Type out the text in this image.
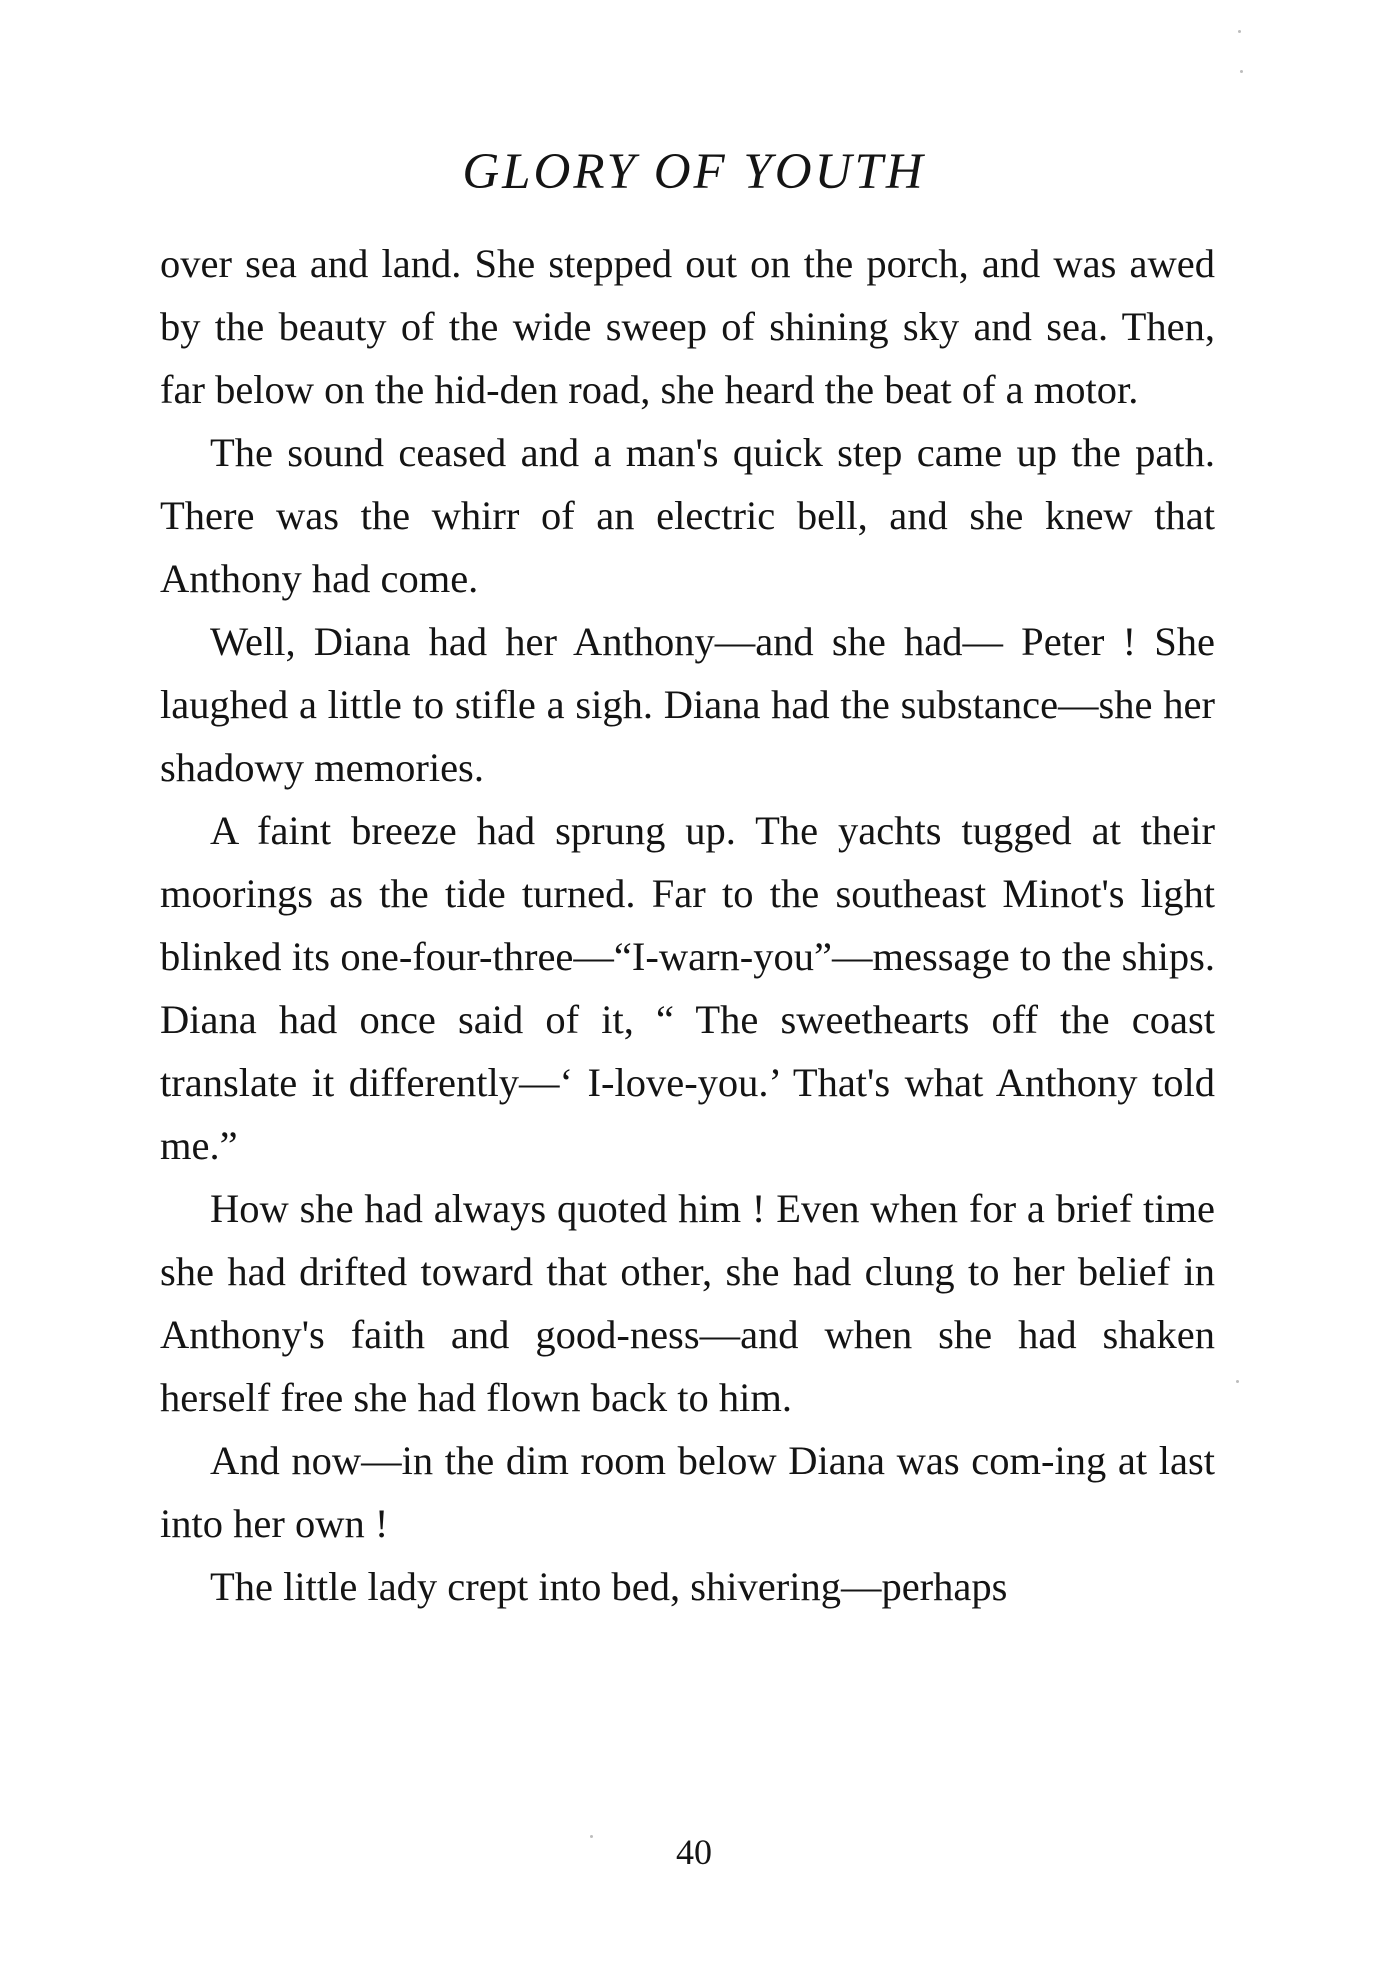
GLORY OF YOUTH

over sea and land. She stepped out on the porch, and was awed by the beauty of the wide sweep of shining sky and sea. Then, far below on the hid-den road, she heard the beat of a motor.

The sound ceased and a man's quick step came up the path. There was the whirr of an electric bell, and she knew that Anthony had come.

Well, Diana had her Anthony—and she had— Peter ! She laughed a little to stifle a sigh. Diana had the substance—she her shadowy memories.

A faint breeze had sprung up. The yachts tugged at their moorings as the tide turned. Far to the southeast Minot's light blinked its one-four-three—“I-warn-you”—message to the ships. Diana had once said of it, “ The sweethearts off the coast translate it differently—‘ I-love-you.’ That's what Anthony told me.”

How she had always quoted him ! Even when for a brief time she had drifted toward that other, she had clung to her belief in Anthony's faith and good-ness—and when she had shaken herself free she had flown back to him.

And now—in the dim room below Diana was com-ing at last into her own !

The little lady crept into bed, shivering—perhaps

40
